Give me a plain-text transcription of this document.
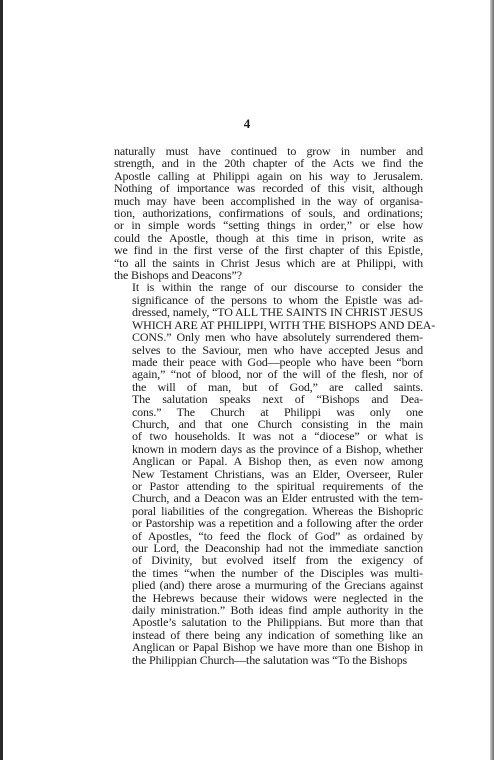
4

naturally must have continued to grow in number and
strength, and in the 20th chapter of the Acts we find the
Apostle calling at Philippi again on his way to Jerusalem.
Nothing of importance was recorded of this visit, although
much may have been accomplished in the way of organisa-
tion, authorizations, confirmations of souls, and ordinations;
or in simple words “setting things in order,” or else how
could the Apostle, though at this time in prison, write as
we find in the first verse of the first chapter of this Epistle,
“to all the saints in Christ Jesus which are at Philippi, with
the Bishops and Deacons”?

It is within the range of our discourse to consider the
significance of the persons to whom the Epistle was ad-
dressed, namely, “TO ALL THE SAINTS IN CHRIST JESUS
WHICH ARE AT PHILIPPI, WITH THE BISHOPS AND DEA-
CONS.” Only men who have absolutely surrendered them-
selves to the Saviour, men who have accepted Jesus and
made their peace with God—people who have been “born
again,” “not of blood, nor of the will of the flesh, nor of
the will of man, but of God,” are called saints.
The salutation speaks next of “Bishops and Dea-
cons.” The Church at Philippi was only one
Church, and that one Church consisting in the main
of two households. It was not a “diocese” or what is
known in modern days as the province of a Bishop, whether
Anglican or Papal. A Bishop then, as even now among
New Testament Christians, was an Elder, Overseer, Ruler
or Pastor attending to the spiritual requirements of the
Church, and a Deacon was an Elder entrusted with the tem-
poral liabilities of the congregation. Whereas the Bishopric
or Pastorship was a repetition and a following after the order
of Apostles, “to feed the flock of God” as ordained by
our Lord, the Deaconship had not the immediate sanction
of Divinity, but evolved itself from the exigency of
the times “when the number of the Disciples was multi-
plied (and) there arose a murmuring of the Grecians against
the Hebrews because their widows were neglected in the
daily ministration.” Both ideas find ample authority in the
Apostle’s salutation to the Philippians. But more than that
instead of there being any indication of something like an
Anglican or Papal Bishop we have more than one Bishop in
the Philippian Church—the salutation was “To the Bishops
